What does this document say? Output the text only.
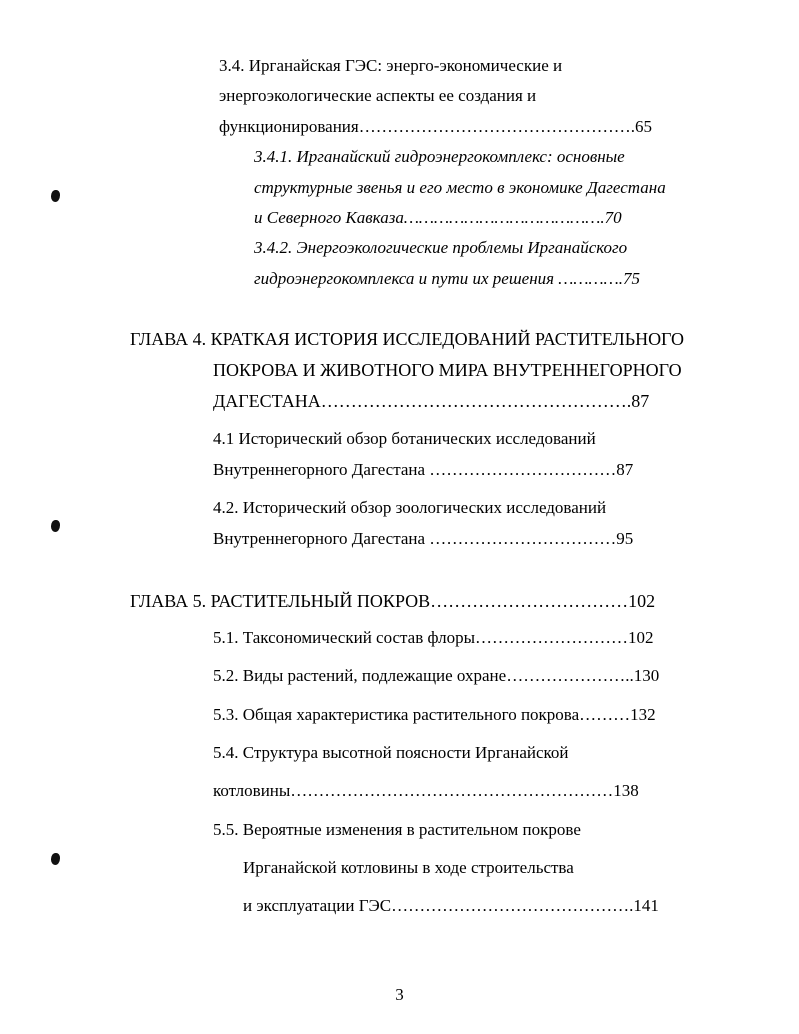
3.4. Ирганайская ГЭС: энерго-экономические и
энергоэкологические аспекты ее создания и
функционирования………………………………………….65
3.4.1. Ирганайский гидроэнергокомплекс: основные
структурные звенья и его место в экономике Дагестана
и Северного Кавказа………………………………….70
3.4.2. Энергоэкологические проблемы Ирганайского
гидроэнергокомплекса и пути их решения ………….75
ГЛАВА 4. КРАТКАЯ ИСТОРИЯ ИССЛЕДОВАНИЙ РАСТИТЕЛЬНОГО
ПОКРОВА И ЖИВОТНОГО МИРА ВНУТРЕННЕГОРНОГО
ДАГЕСТАНА…………………………………………….87
4.1 Исторический обзор ботанических исследований
Внутреннегорного Дагестана ……………………………87
4.2. Исторический обзор зоологических исследований
Внутреннегорного Дагестана ……………………………95
ГЛАВА 5. РАСТИТЕЛЬНЫЙ ПОКРОВ……………………………102
5.1. Таксономический состав флоры………………………102
5.2. Виды растений, подлежащие охране…………………..130
5.3. Общая характеристика растительного покрова………132
5.4. Структура высотной поясности Ирганайской
котловины…………………………………………………138
5.5. Вероятные изменения в растительном покрове
Ирганайской котловины в ходе строительства
и эксплуатации ГЭС…………………………………….141
3
